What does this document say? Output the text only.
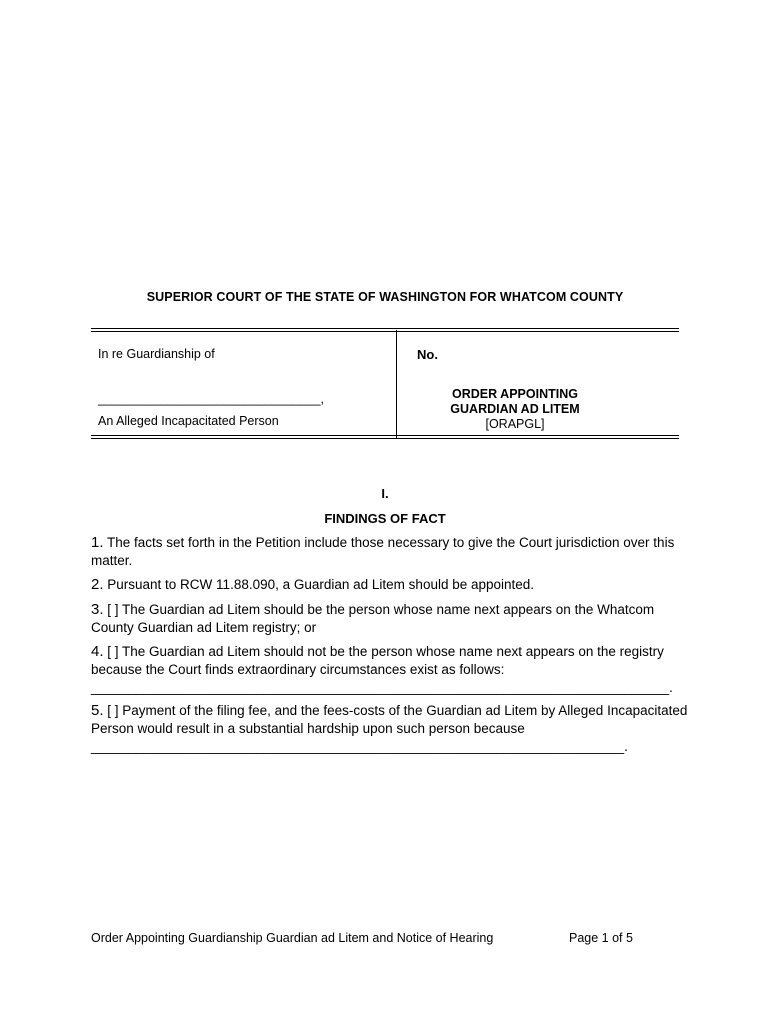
SUPERIOR COURT OF THE STATE OF WASHINGTON FOR WHATCOM COUNTY
In re Guardianship of
________________________________,
An Alleged Incapacitated Person
No.
ORDER APPOINTING
GUARDIAN AD LITEM
[ORAPGL]
I.
FINDINGS OF FACT
1. The facts set forth in the Petition include those necessary to give the Court jurisdiction over this matter.
2. Pursuant to RCW 11.88.090, a Guardian ad Litem should be appointed.
3. [ ] The Guardian ad Litem should be the person whose name next appears on the Whatcom County Guardian ad Litem registry; or
4. [ ] The Guardian ad Litem should not be the person whose name next appears on the registry because the Court finds extraordinary circumstances exist as follows:
_____________________________________________________________________________.
5. [ ] Payment of the filing fee, and the fees-costs of the Guardian ad Litem by Alleged Incapacitated Person would result in a substantial hardship upon such person because
_______________________________________________________________________.
Order Appointing Guardianship Guardian ad Litem and Notice of Hearing	Page 1 of 5
